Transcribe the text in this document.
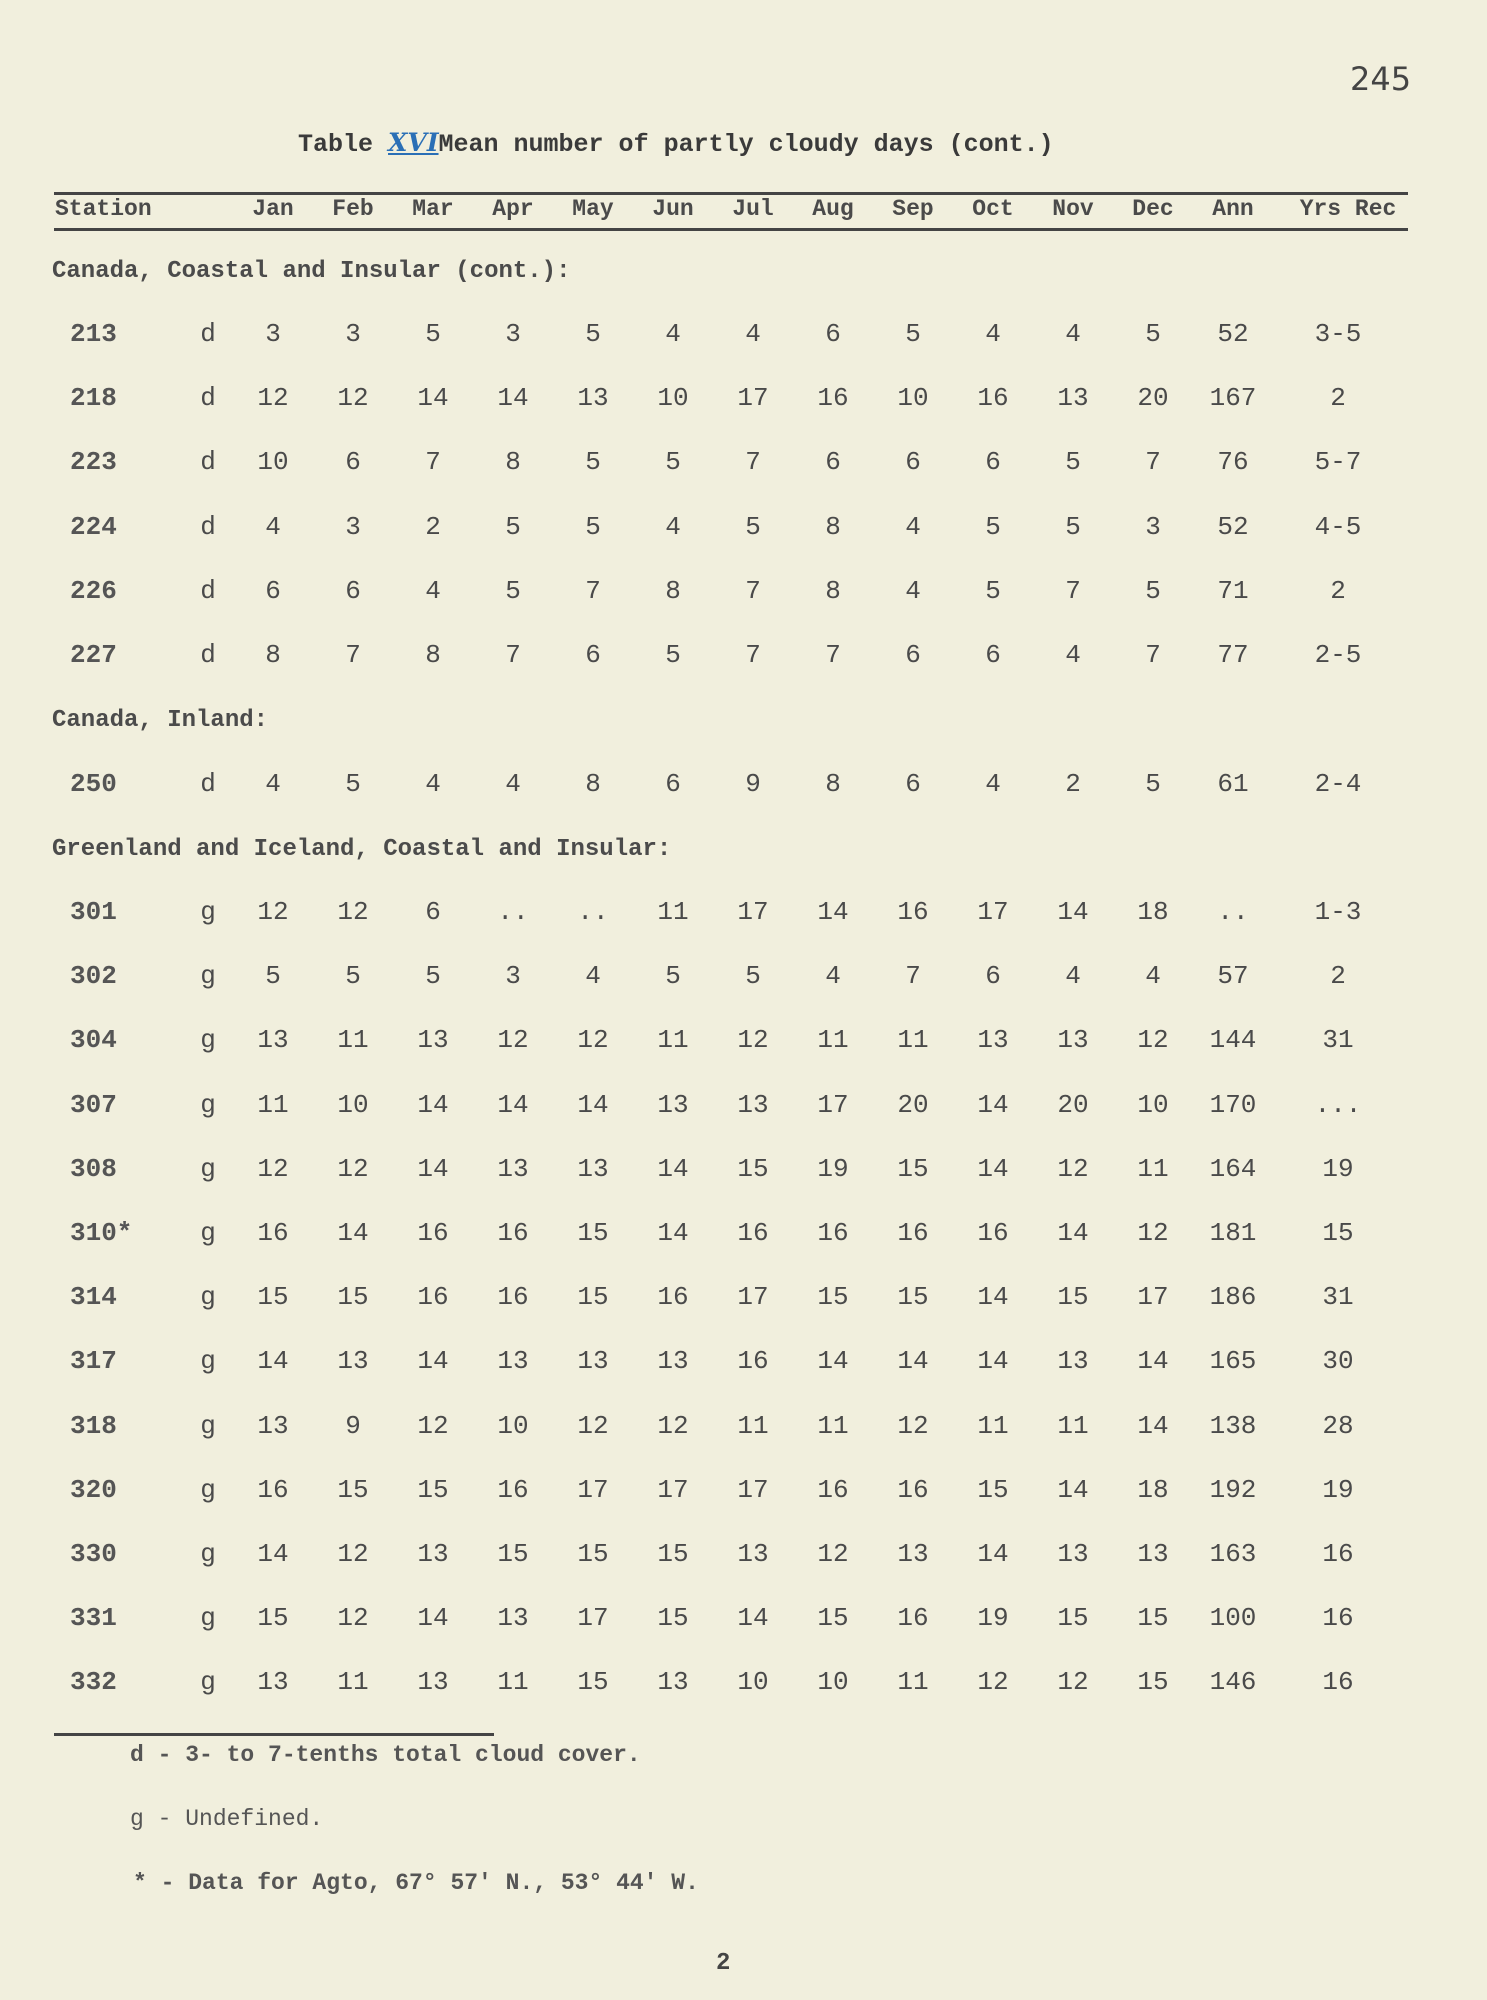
245
Table XVIMean number of partly cloudy days (cont.)
Station	Jan	Feb	Mar	Apr	May	Jun	Jul	Aug	Sep	Oct	Nov	Dec	Ann	Yrs Rec
Canada, Coastal and Insular (cont.):
213	d	3	3	5	3	5	4	4	6	5	4	4	5	52	3-5
218	d	12	12	14	14	13	10	17	16	10	16	13	20	167	2
223	d	10	6	7	8	5	5	7	6	6	6	5	7	76	5-7
224	d	4	3	2	5	5	4	5	8	4	5	5	3	52	4-5
226	d	6	6	4	5	7	8	7	8	4	5	7	5	71	2
227	d	8	7	8	7	6	5	7	7	6	6	4	7	77	2-5
Canada, Inland:
250	d	4	5	4	4	8	6	9	8	6	4	2	5	61	2-4
Greenland and Iceland, Coastal and Insular:
301	g	12	12	6	..	..	11	17	14	16	17	14	18	..	1-3
302	g	5	5	5	3	4	5	5	4	7	6	4	4	57	2
304	g	13	11	13	12	12	11	12	11	11	13	13	12	144	31
307	g	11	10	14	14	14	13	13	17	20	14	20	10	170	...
308	g	12	12	14	13	13	14	15	19	15	14	12	11	164	19
310*	g	16	14	16	16	15	14	16	16	16	16	14	12	181	15
314	g	15	15	16	16	15	16	17	15	15	14	15	17	186	31
317	g	14	13	14	13	13	13	16	14	14	14	13	14	165	30
318	g	13	9	12	10	12	12	11	11	12	11	11	14	138	28
320	g	16	15	15	16	17	17	17	16	16	15	14	18	192	19
330	g	14	12	13	15	15	15	13	12	13	14	13	13	163	16
331	g	15	12	14	13	17	15	14	15	16	19	15	15	100	16
332	g	13	11	13	11	15	13	10	10	11	12	12	15	146	16
d - 3- to 7-tenths total cloud cover.
g - Undefined.
* - Data for Agto, 67° 57' N., 53° 44' W.
2
